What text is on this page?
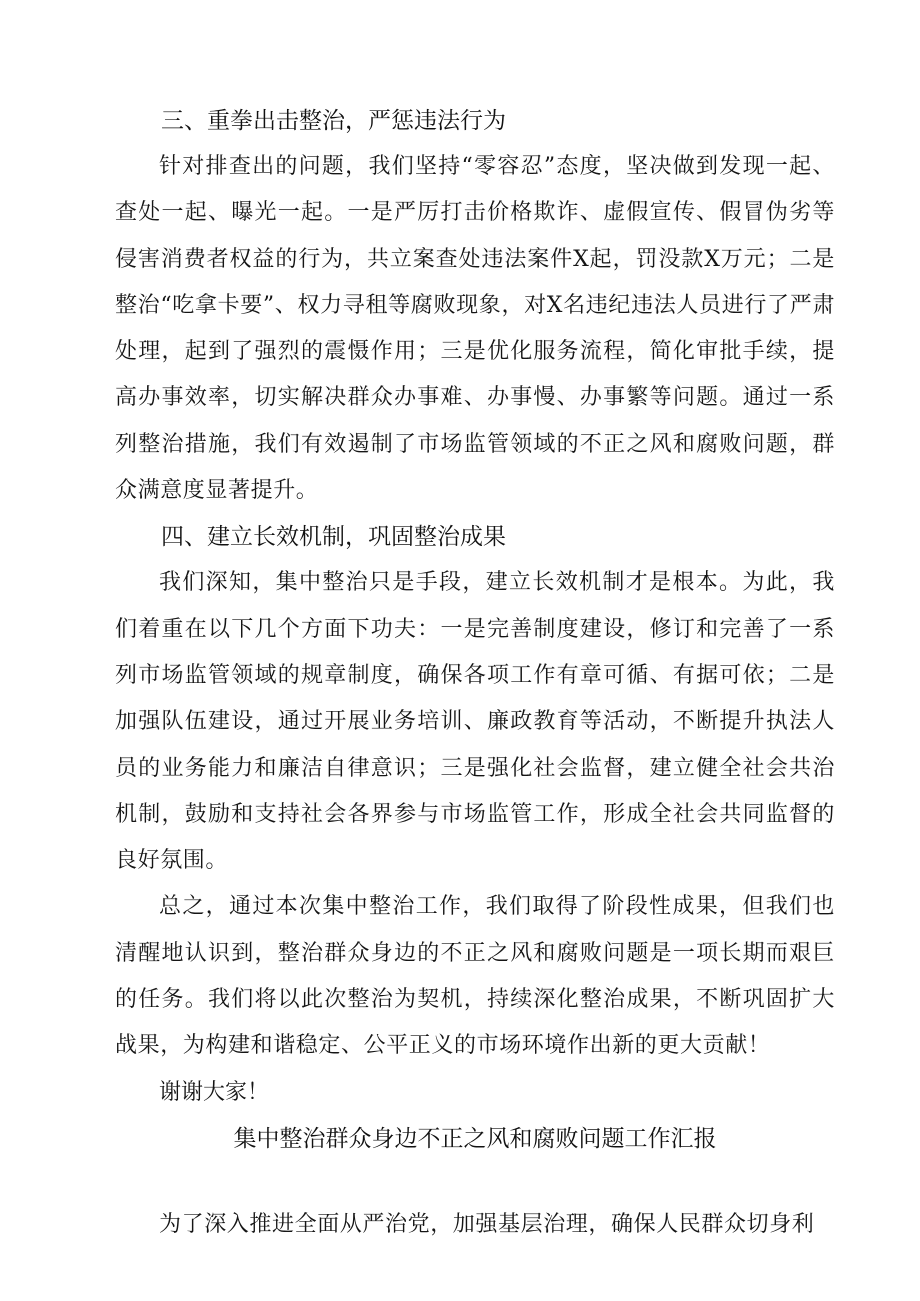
三、重拳出击整治，严惩违法行为

针对排查出的问题，我们坚持“零容忍”态度，坚决做到发现一起、查处一起、曝光一起。一是严厉打击价格欺诈、虚假宣传、假冒伪劣等侵害消费者权益的行为，共立案查处违法案件X起，罚没款X万元；二是整治“吃拿卡要”、权力寻租等腐败现象，对X名违纪违法人员进行了严肃处理，起到了强烈的震慑作用；三是优化服务流程，简化审批手续，提高办事效率，切实解决群众办事难、办事慢、办事繁等问题。通过一系列整治措施，我们有效遏制了市场监管领域的不正之风和腐败问题，群众满意度显著提升。

四、建立长效机制，巩固整治成果

我们深知，集中整治只是手段，建立长效机制才是根本。为此，我们着重在以下几个方面下功夫：一是完善制度建设，修订和完善了一系列市场监管领域的规章制度，确保各项工作有章可循、有据可依；二是加强队伍建设，通过开展业务培训、廉政教育等活动，不断提升执法人员的业务能力和廉洁自律意识；三是强化社会监督，建立健全社会共治机制，鼓励和支持社会各界参与市场监管工作，形成全社会共同监督的良好氛围。

总之，通过本次集中整治工作，我们取得了阶段性成果，但我们也清醒地认识到，整治群众身边的不正之风和腐败问题是一项长期而艰巨的任务。我们将以此次整治为契机，持续深化整治成果，不断巩固扩大战果，为构建和谐稳定、公平正义的市场环境作出新的更大贡献！

谢谢大家！

集中整治群众身边不正之风和腐败问题工作汇报

为了深入推进全面从严治党，加强基层治理，确保人民群众切身利
